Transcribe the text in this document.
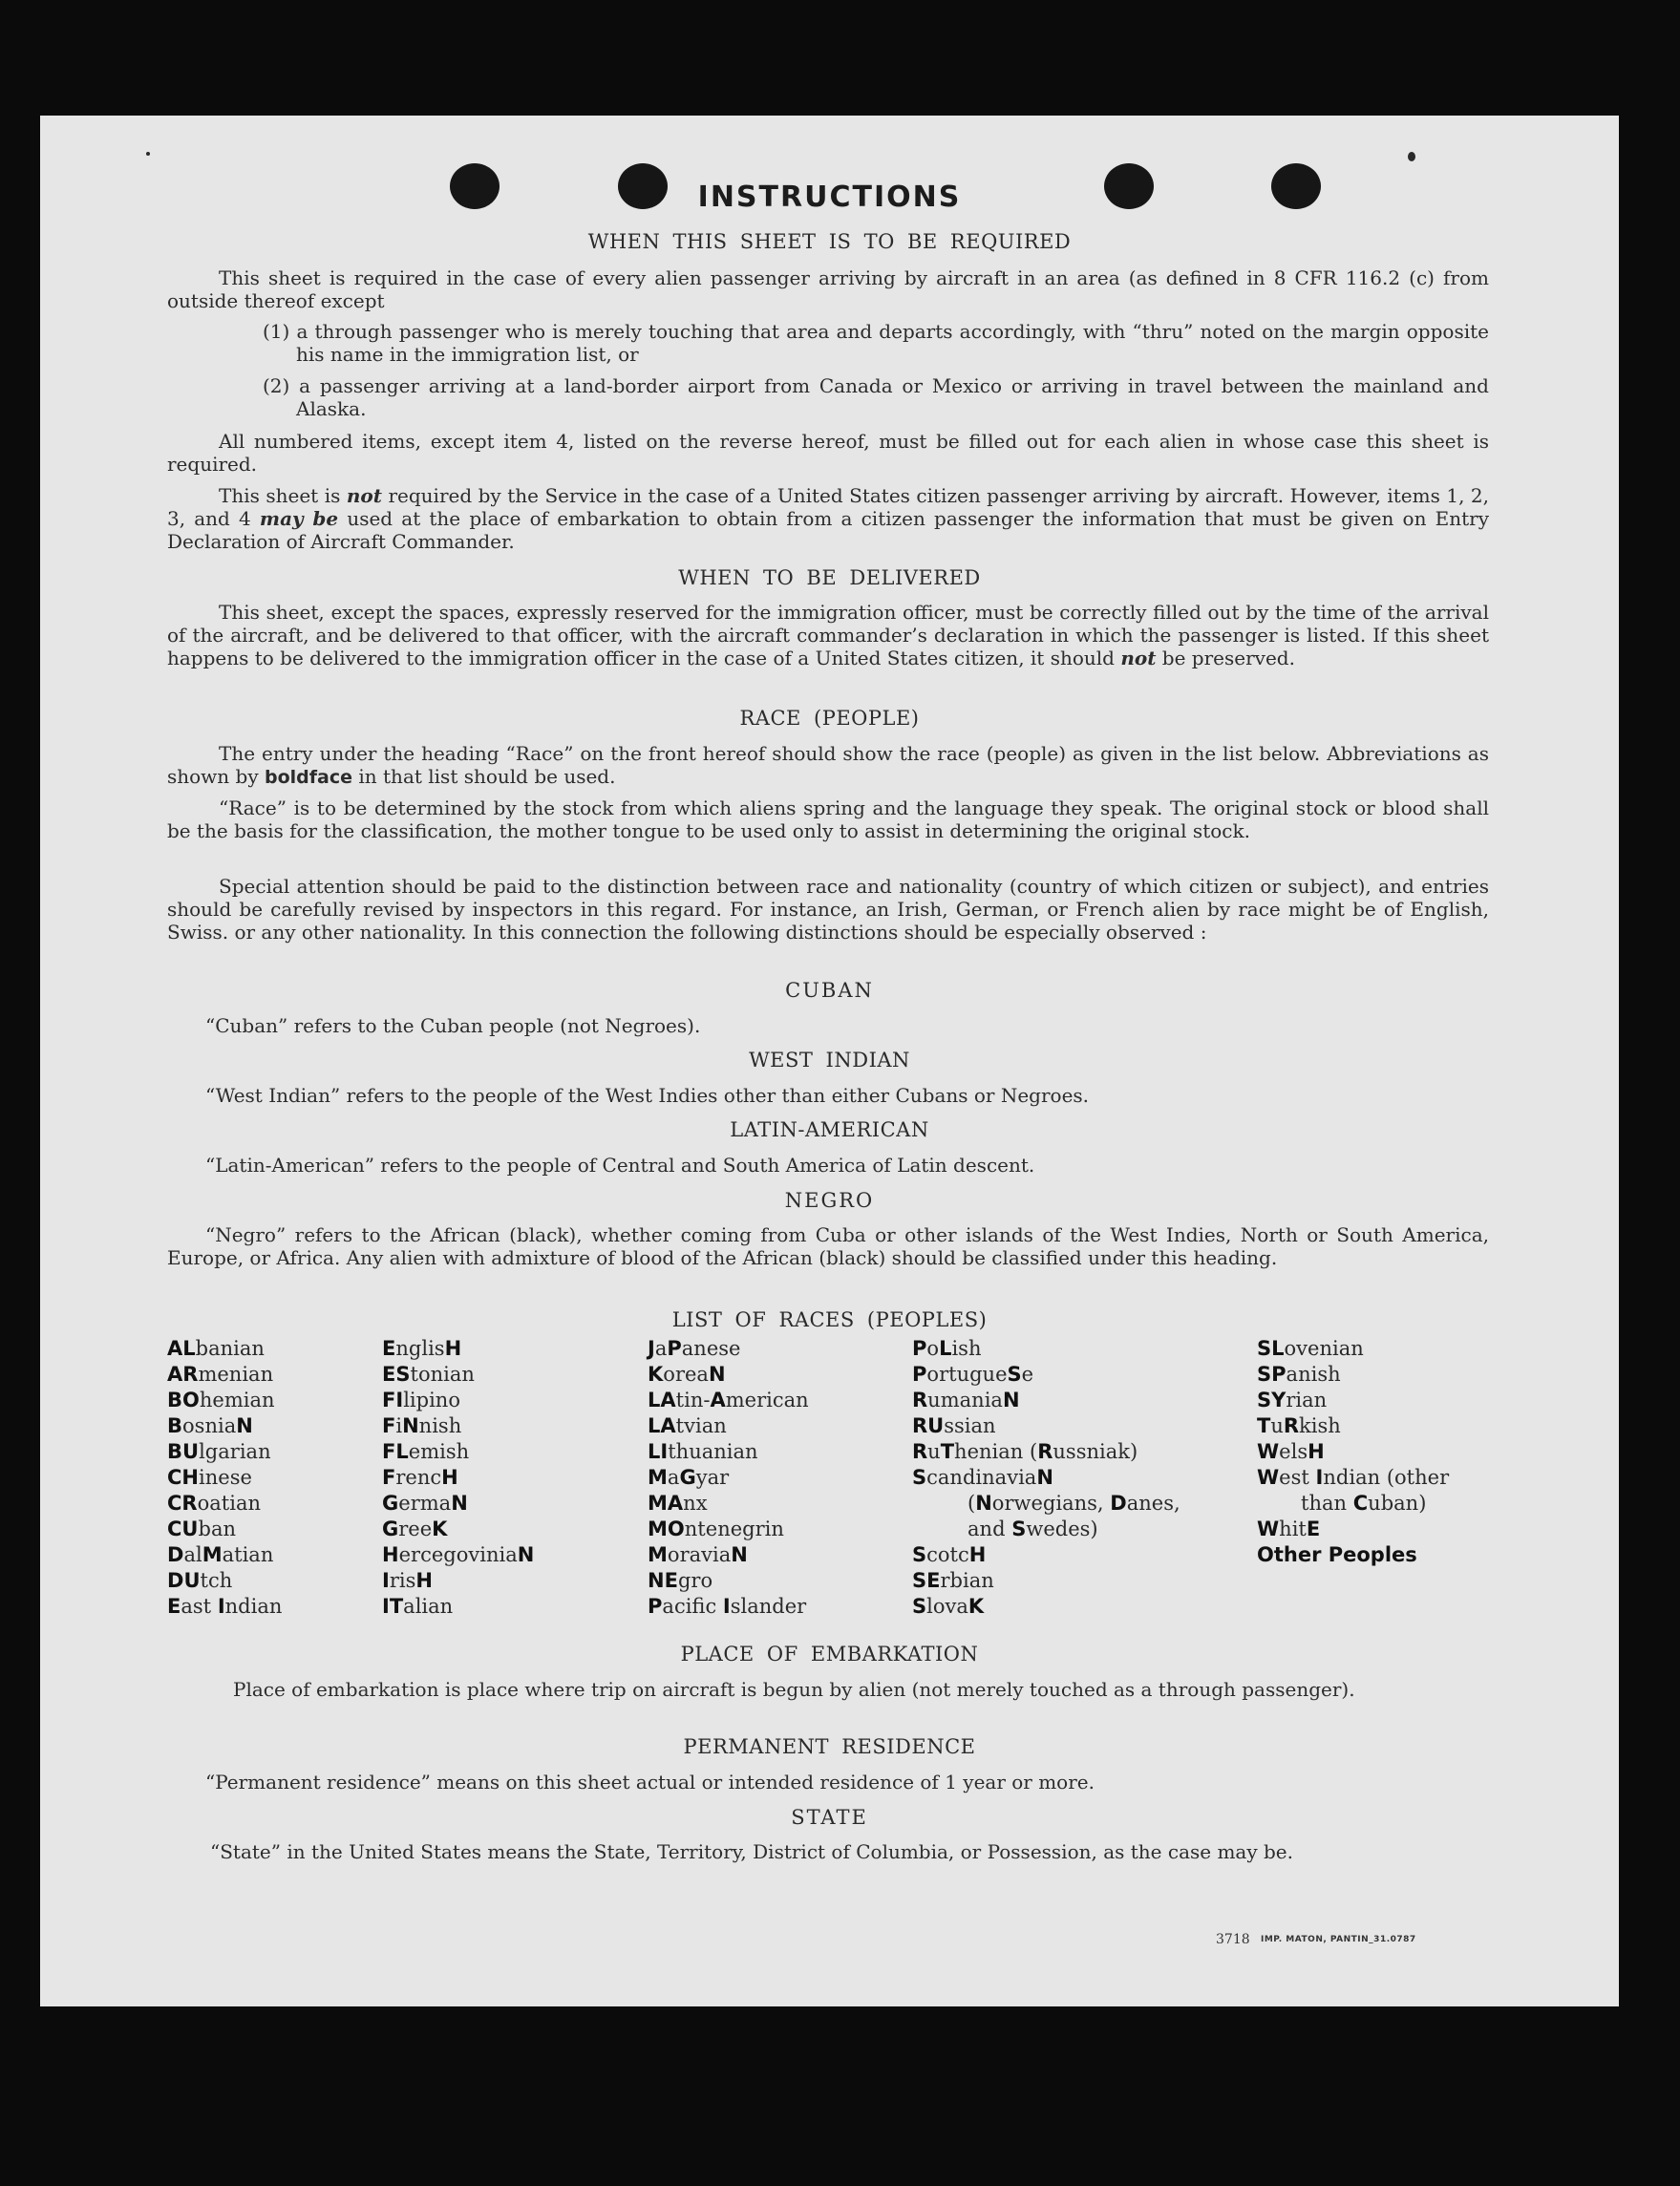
INSTRUCTIONS
WHEN THIS SHEET IS TO BE REQUIRED

This sheet is required in the case of every alien passenger arriving by aircraft in an area (as defined in 8 CFR 116.2 (c) from outside thereof except

(1) a through passenger who is merely touching that area and departs accordingly, with “thru” noted on the margin opposite his name in the immigration list, or

(2) a passenger arriving at a land-border airport from Canada or Mexico or arriving in travel between the mainland and Alaska.

All numbered items, except item 4, listed on the reverse hereof, must be filled out for each alien in whose case this sheet is required.

This sheet is not required by the Service in the case of a United States citizen passenger arriving by aircraft. However, items 1, 2, 3, and 4 may be used at the place of embarkation to obtain from a citizen passenger the information that must be given on Entry Declaration of Aircraft Commander.

WHEN TO BE DELIVERED

This sheet, except the spaces, expressly reserved for the immigration officer, must be correctly filled out by the time of the arrival of the aircraft, and be delivered to that officer, with the aircraft commander’s declaration in which the passenger is listed. If this sheet happens to be delivered to the immigration officer in the case of a United States citizen, it should not be preserved.

RACE (PEOPLE)

The entry under the heading “Race” on the front hereof should show the race (people) as given in the list below. Abbreviations as shown by boldface in that list should be used.

“Race” is to be determined by the stock from which aliens spring and the language they speak. The original stock or blood shall be the basis for the classification, the mother tongue to be used only to assist in determining the original stock.

Special attention should be paid to the distinction between race and nationality (country of which citizen or subject), and entries should be carefully revised by inspectors in this regard. For instance, an Irish, German, or French alien by race might be of English, Swiss. or any other nationality. In this connection the following distinctions should be especially observed :

CUBAN

“Cuban” refers to the Cuban people (not Negroes).

WEST INDIAN

“West Indian” refers to the people of the West Indies other than either Cubans or Negroes.

LATIN-AMERICAN

“Latin-American” refers to the people of Central and South America of Latin descent.

NEGRO

“Negro” refers to the African (black), whether coming from Cuba or other islands of the West Indies, North or South America, Europe, or Africa. Any alien with admixture of blood of the African (black) should be classified under this heading.

LIST OF RACES (PEOPLES)
ALbanian
ARmenian
BOhemian
BosniaN
BUlgarian
CHinese
CRoatian
CUban
DalMatian
DUtch
East Indian
EnglisH
EStonian
FIlipino
FiNnish
FLemish
FrencH
GermaN
GreeK
HercegoviniaN
IrisH
ITalian
JaPanese
KoreaN
LAtin-American
LAtvian
LIthuanian
MaGyar
MAnx
MOntenegrin
MoraviaN
NEgro
Pacifc Islander
PoLish
PortugueSe
RumaniaN
RUssian
RuThenian (Russniak)
ScandinaviaN (Norwegians, Danes, and Swedes)
ScotcH
SErbian
SlovaK
SLovenian
SPanish
SYrian
TuRkish
WelsH
West Indian (other than Cuban)
WhitE
Other Peoples
PLACE OF EMBARKATION

Place of embarkation is place where trip on aircraft is begun by alien (not merely touched as a through passenger).

PERMANENT RESIDENCE

“Permanent residence” means on this sheet actual or intended residence of 1 year or more.

STATE

“State” in the United States means the State, Territory, District of Columbia, or Possession, as the case may be.

3718 IMP. MATON, PANTIN_31.0787
